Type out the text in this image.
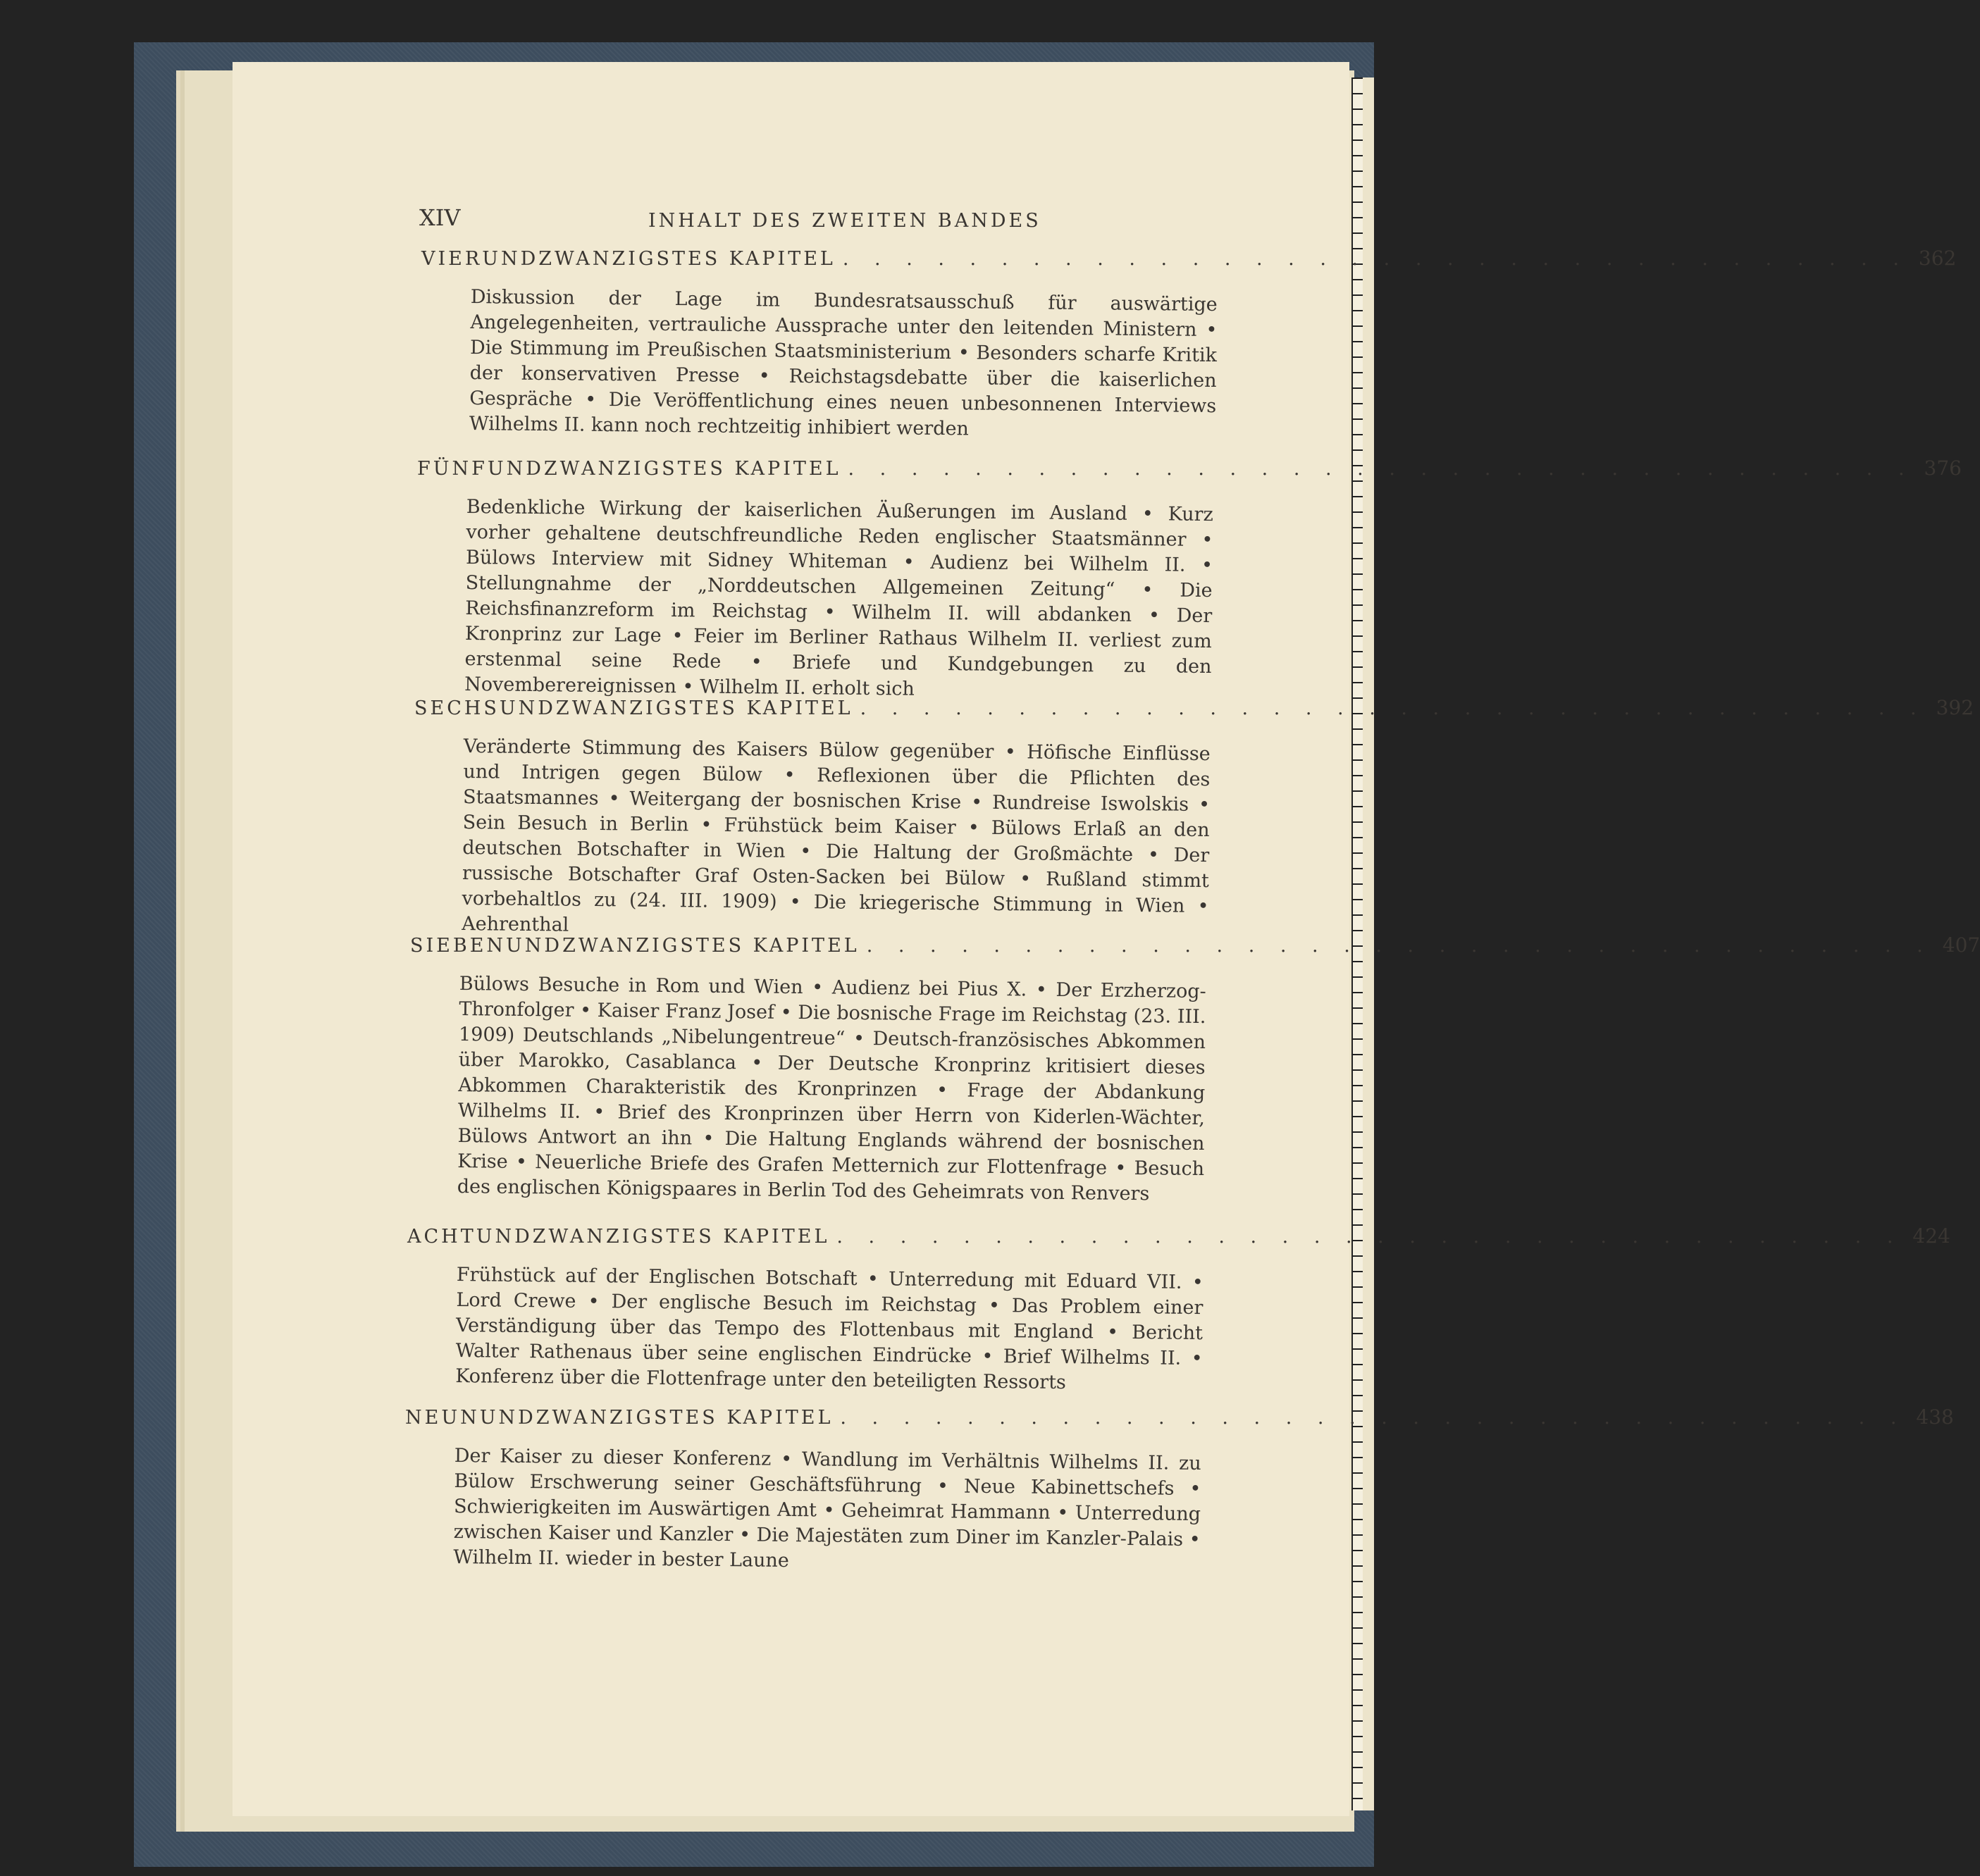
XIV	INHALT DES ZWEITEN BANDES
VIERUNDZWANZIGSTES KAPITEL . . . . . . . . . . . . . . . . . . . . . . . . . . . . . . . . . . 362
Diskussion der Lage im Bundesratsausschuß für auswärtige Angelegenheiten, vertrauliche Aussprache unter den leitenden Ministern • Die Stimmung im Preußischen Staatsministerium • Besonders scharfe Kritik der konservativen Presse • Reichstagsdebatte über die kaiserlichen Gespräche • Die Veröffentlichung eines neuen unbesonnenen Interviews Wilhelms II. kann noch rechtzeitig inhibiert werden
FÜNFUNDZWANZIGSTES KAPITEL . . . . . . . . . . . . . . . . . . . . . . . . . . . . . . . . . . 376
Bedenkliche Wirkung der kaiserlichen Äußerungen im Ausland • Kurz vorher gehaltene deutschfreundliche Reden englischer Staatsmänner • Bülows Interview mit Sidney Whiteman • Audienz bei Wilhelm II. • Stellungnahme der „Norddeutschen Allgemeinen Zeitung“ • Die Reichsfinanzreform im Reichstag • Wilhelm II. will abdanken • Der Kronprinz zur Lage • Feier im Berliner Rathaus Wilhelm II. verliest zum erstenmal seine Rede • Briefe und Kundgebungen zu den Novemberereignissen • Wilhelm II. erholt sich
SECHSUNDZWANZIGSTES KAPITEL . . . . . . . . . . . . . . . . . . . . . . . . . . . . . . . . . . 392
Veränderte Stimmung des Kaisers Bülow gegenüber • Höfische Einflüsse und Intrigen gegen Bülow • Reflexionen über die Pflichten des Staatsmannes • Weitergang der bosnischen Krise • Rundreise Iswolskis • Sein Besuch in Berlin • Frühstück beim Kaiser • Bülows Erlaß an den deutschen Botschafter in Wien • Die Haltung der Großmächte • Der russische Botschafter Graf Osten-Sacken bei Bülow • Rußland stimmt vorbehaltlos zu (24. III. 1909) • Die kriegerische Stimmung in Wien • Aehrenthal
SIEBENUNDZWANZIGSTES KAPITEL . . . . . . . . . . . . . . . . . . . . . . . . . . . . . . . . . . 407
Bülows Besuche in Rom und Wien • Audienz bei Pius X. • Der Erzherzog-Thronfolger • Kaiser Franz Josef • Die bosnische Frage im Reichstag (23. III. 1909) Deutschlands „Nibelungentreue“ • Deutsch-französisches Abkommen über Marokko, Casablanca • Der Deutsche Kronprinz kritisiert dieses Abkommen Charakteristik des Kronprinzen • Frage der Abdankung Wilhelms II. • Brief des Kronprinzen über Herrn von Kiderlen-Wächter, Bülows Antwort an ihn • Die Haltung Englands während der bosnischen Krise • Neuerliche Briefe des Grafen Metternich zur Flottenfrage • Besuch des englischen Königspaares in Berlin Tod des Geheimrats von Renvers
ACHTUNDZWANZIGSTES KAPITEL . . . . . . . . . . . . . . . . . . . . . . . . . . . . . . . . . . 424
Frühstück auf der Englischen Botschaft • Unterredung mit Eduard VII. • Lord Crewe • Der englische Besuch im Reichstag • Das Problem einer Verständigung über das Tempo des Flottenbaus mit England • Bericht Walter Rathenaus über seine englischen Eindrücke • Brief Wilhelms II. • Konferenz über die Flottenfrage unter den beteiligten Ressorts
NEUNUNDZWANZIGSTES KAPITEL . . . . . . . . . . . . . . . . . . . . . . . . . . . . . . . . . . 438
Der Kaiser zu dieser Konferenz • Wandlung im Verhältnis Wilhelms II. zu Bülow Erschwerung seiner Geschäftsführung • Neue Kabinettschefs • Schwierigkeiten im Auswärtigen Amt • Geheimrat Hammann • Unterredung zwischen Kaiser und Kanzler • Die Majestäten zum Diner im Kanzler-Palais • Wilhelm II. wieder in bester Laune
